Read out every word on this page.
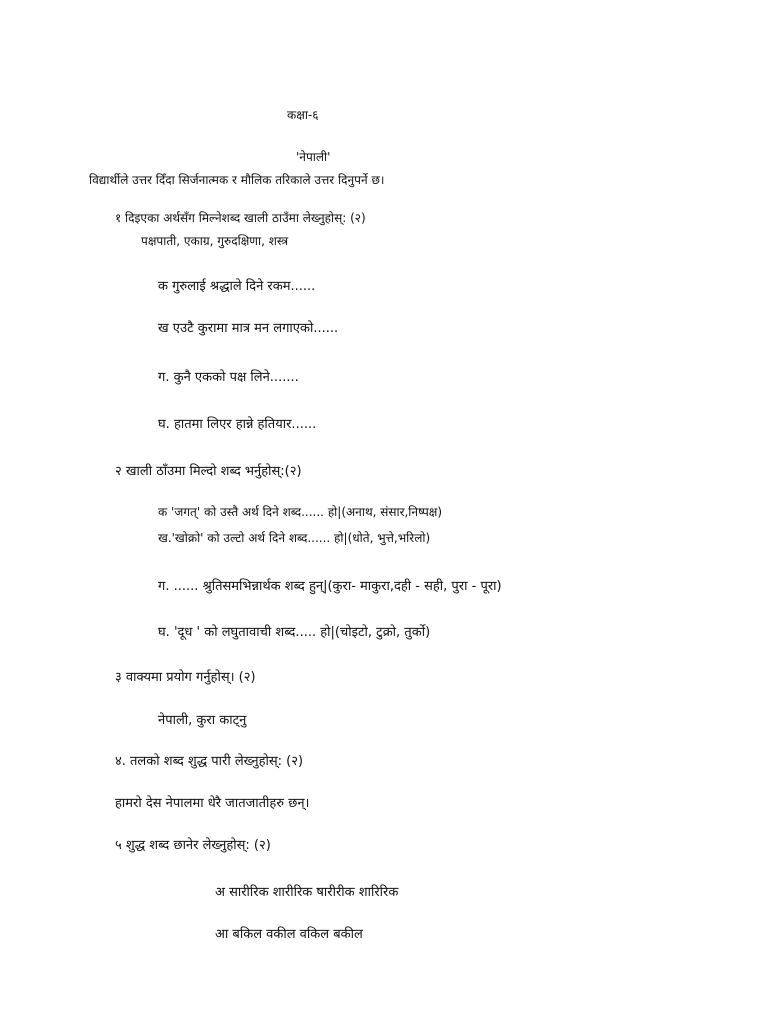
कक्षा-६
'नेपाली'
विद्यार्थीले उत्तर दिँदा सिर्जनात्मक र मौलिक तरिकाले उत्तर दिनुपर्ने छ।
१ दिइएका अर्थसँग मिल्नेशब्द खाली ठाउँमा लेख्नुहोस्: (२)
पक्षपाती, एकाग्र, गुरुदक्षिणा, शस्त्र
क गुरुलाई श्रद्धाले दिने रकम......
ख एउटै कुरामा मात्र मन लगाएको......
ग. कुनै एकको पक्ष लिने.......
घ. हातमा लिएर हान्ने हतियार......
२ खाली ठाँउमा मिल्दो शब्द भर्नुहोस्:(२)
क 'जगत्' को उस्तै अर्थ दिने शब्द...... हो|(अनाथ, संसार,निष्पक्ष)
ख.'खोक्रो' को उल्टो अर्थ दिने शब्द...... हो|(धोते, भुत्ते,भरिलो)
ग. ...... श्रुतिसमभिन्नार्थक शब्द हुन्|(कुरा- माकुरा,दही - सही, पुरा - पूरा)
घ. 'दूध ' को लघुतावाची शब्द..... हो|(चोइटो, टुक्रो, तुर्को)
३ वाक्यमा प्रयोग गर्नुहोस्। (२)
नेपाली, कुरा काट्नु
४. तलको शब्द शुद्ध पारी लेख्नुहोस्: (२)
हामरो देस नेपालमा धेरै जातजातीहरु छन्।
५ शुद्ध शब्द छानेर लेख्नुहोस्: (२)
अ सारीरिक शारीरिक षारीरीक शारिरिक
आ बकिल वकील वकिल बकील
